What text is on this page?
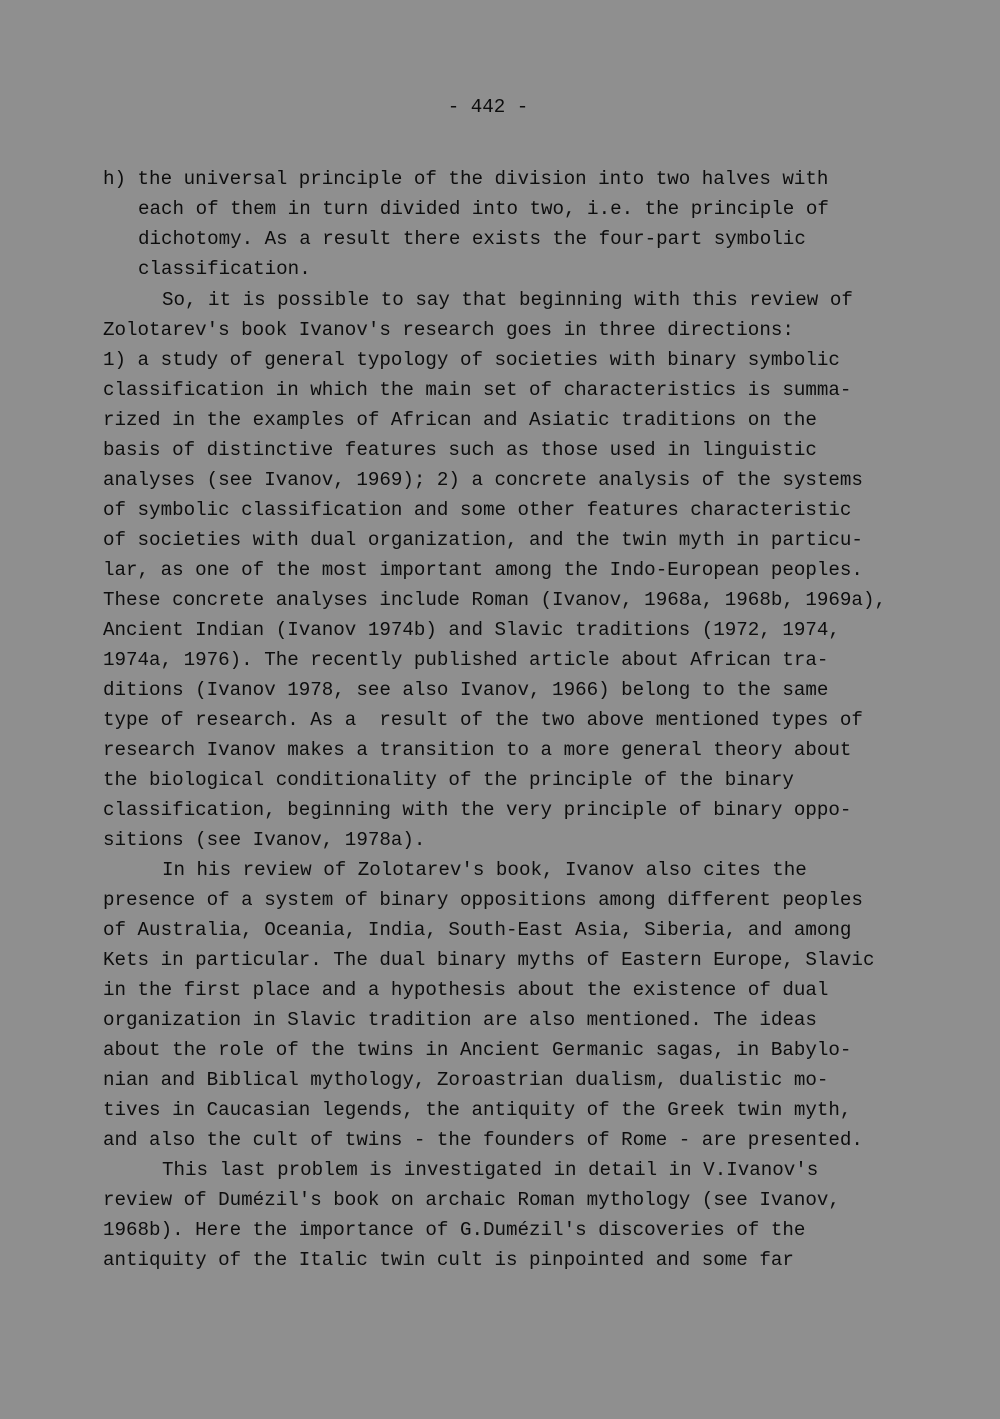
- 442 -
h) the universal principle of the division into two halves with
each of them in turn divided into two, i.e. the principle of
dichotomy. As a result there exists the four-part symbolic
classification.
So, it is possible to say that beginning with this review of
Zolotarev's book Ivanov's research goes in three directions:
1) a study of general typology of societies with binary symbolic
classification in which the main set of characteristics is summa-
rized in the examples of African and Asiatic traditions on the
basis of distinctive features such as those used in linguistic
analyses (see Ivanov, 1969); 2) a concrete analysis of the systems
of symbolic classification and some other features characteristic
of societies with dual organization, and the twin myth in particu-
lar, as one of the most important among the Indo-European peoples.
These concrete analyses include Roman (Ivanov, 1968a, 1968b, 1969a),
Ancient Indian (Ivanov 1974b) and Slavic traditions (1972, 1974,
1974a, 1976). The recently published article about African tra-
ditions (Ivanov 1978, see also Ivanov, 1966) belong to the same
type of research. As a  result of the two above mentioned types of
research Ivanov makes a transition to a more general theory about
the biological conditionality of the principle of the binary
classification, beginning with the very principle of binary oppo-
sitions (see Ivanov, 1978a).
In his review of Zolotarev's book, Ivanov also cites the
presence of a system of binary oppositions among different peoples
of Australia, Oceania, India, South-East Asia, Siberia, and among
Kets in particular. The dual binary myths of Eastern Europe, Slavic
in the first place and a hypothesis about the existence of dual
organization in Slavic tradition are also mentioned. The ideas
about the role of the twins in Ancient Germanic sagas, in Babylo-
nian and Biblical mythology, Zoroastrian dualism, dualistic mo-
tives in Caucasian legends, the antiquity of the Greek twin myth,
and also the cult of twins - the founders of Rome - are presented.
This last problem is investigated in detail in V.Ivanov's
review of Dumézil's book on archaic Roman mythology (see Ivanov,
1968b). Here the importance of G.Dumézil's discoveries of the
antiquity of the Italic twin cult is pinpointed and some far
